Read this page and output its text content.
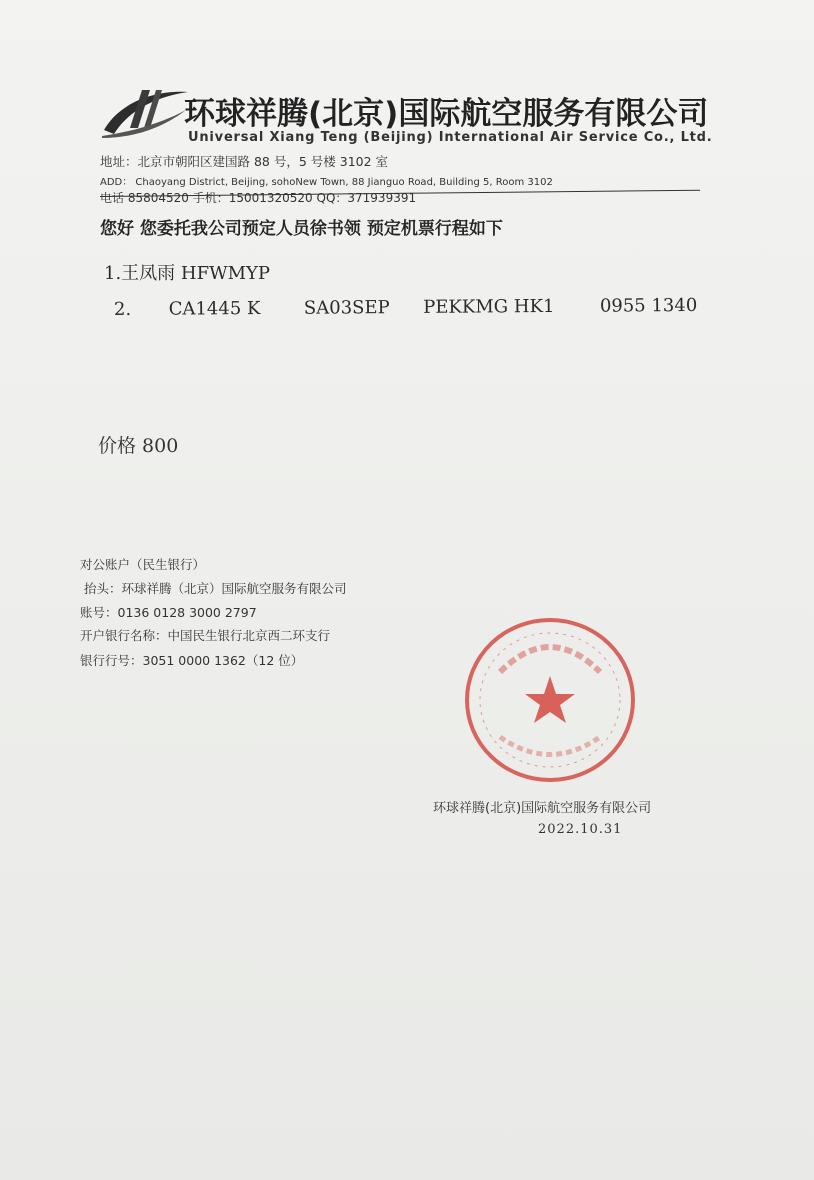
环球祥腾(北京)国际航空服务有限公司
Universal Xiang Teng (Beijing) International Air Service Co., Ltd.
地址：北京市朝阳区建国路 88 号，5 号楼 3102 室
ADD： Chaoyang District, Beijing, sohoNew Town, 88 Jianguo Road, Building 5, Room 3102
电话 85804520 手机：15001320520 QQ：371939391
您好 您委托我公司预定人员徐书领 预定机票行程如下
1.王凤雨 HFWMYP
2. CA1445 K SA03SEP PEKKMG HK1	0955 1340
价格 800
对公账户（民生银行）
抬头：环球祥腾（北京）国际航空服务有限公司
账号：0136 0128 3000 2797
开户银行名称：中国民生银行北京西二环支行
银行行号：3051 0000 1362（12 位）
环球祥腾(北京)国际航空服务有限公司
2022.10.31
